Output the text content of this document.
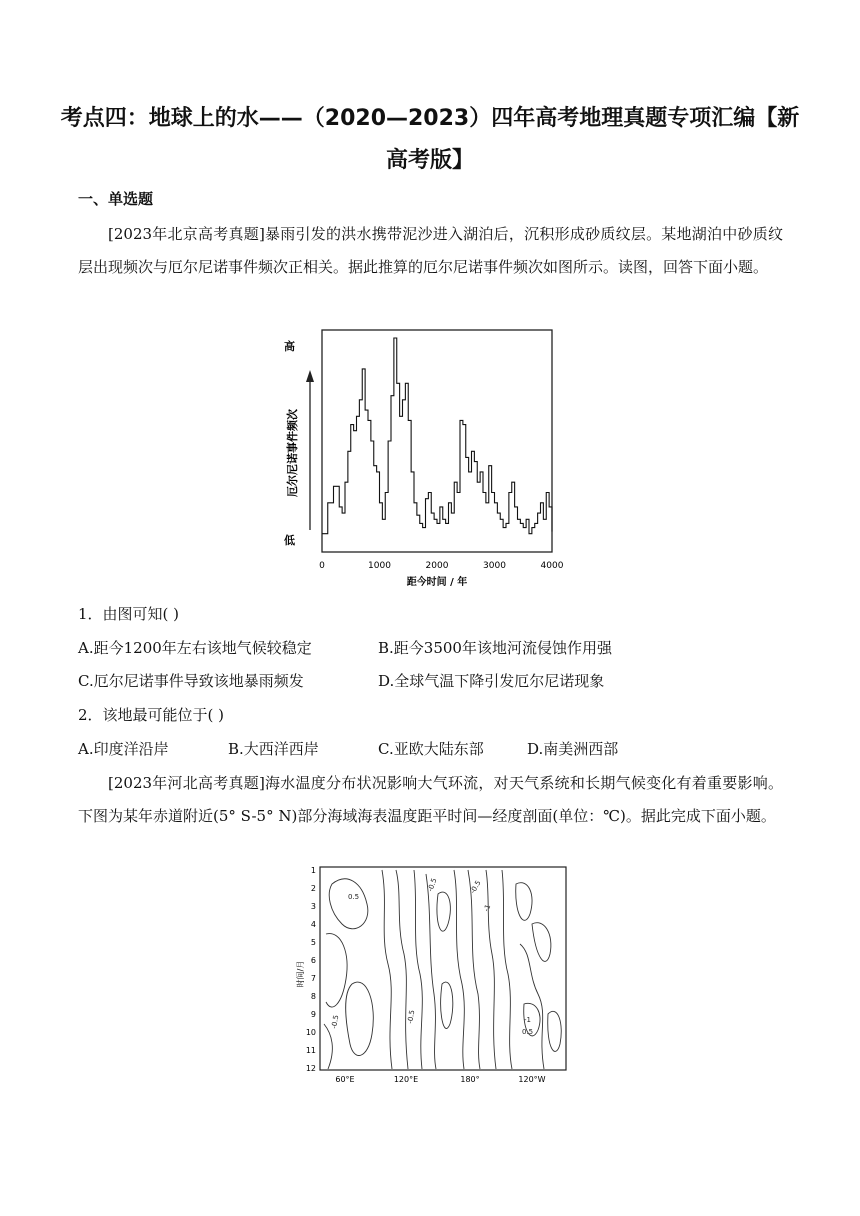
考点四：地球上的水——（2020—2023）四年高考地理真题专项汇编【新
高考版】
一、单选题
[2023年北京高考真题]暴雨引发的洪水携带泥沙进入湖泊后，沉积形成砂质纹层。某地湖泊中砂质纹层出现频次与厄尔尼诺事件频次正相关。据此推算的厄尔尼诺事件频次如图所示。读图，回答下面小题。
高
低
厄尔尼诺事件频次
0	1000	2000	3000	4000
距今时间 / 年
1．由图可知( )
A.距今1200年左右该地气候较稳定	B.距今3500年该地河流侵蚀作用强
C.厄尔尼诺事件导致该地暴雨频发	D.全球气温下降引发厄尔尼诺现象
2．该地最可能位于( )
A.印度洋沿岸	B.大西洋西岸	C.亚欧大陆东部	D.南美洲西部
[2023年河北高考真题]海水温度分布状况影响大气环流，对天气系统和长期气候变化有着重要影响。下图为某年赤道附近(5° S-5° N)部分海域海表温度距平时间—经度剖面(单位：℃)。据此完成下面小题。
时间/月
1
2
3
4
5
6
7
8
9
10
11
12
60°E	120°E	180°	120°W
0.5
-0.5
-1
-0.5
-0.5	-1
0.5
-0.5
